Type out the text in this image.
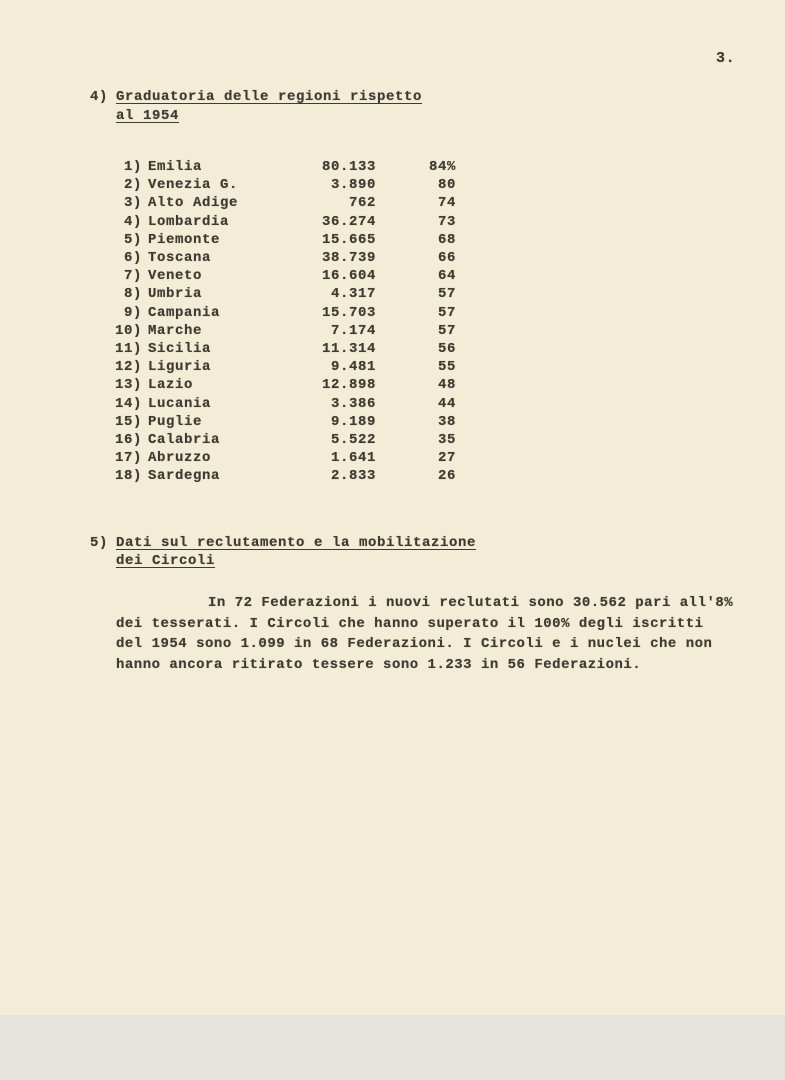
3.
4) Graduatoria delle regioni rispetto
al 1954
1)	Emilia	80.133	84%
2)	Venezia G.	3.890	80
3)	Alto Adige	762	74
4)	Lombardia	36.274	73
5)	Piemonte	15.665	68
6)	Toscana	38.739	66
7)	Veneto	16.604	64
8)	Umbria	4.317	57
9)	Campania	15.703	57
10)	Marche	7.174	57
11)	Sicilia	11.314	56
12)	Liguria	9.481	55
13)	Lazio	12.898	48
14)	Lucania	3.386	44
15)	Puglie	9.189	38
16)	Calabria	5.522	35
17)	Abruzzo	1.641	27
18)	Sardegna	2.833	26
5) Dati sul reclutamento e la mobilitazione
dei Circoli
In 72 Federazioni i nuovi reclutati sono 30.562 pari all'8%
dei tesserati. I Circoli che hanno superato il 100% degli iscritti
del 1954 sono 1.099 in 68 Federazioni. I Circoli e i nuclei che non
hanno ancora ritirato tessere sono 1.233 in 56 Federazioni.
